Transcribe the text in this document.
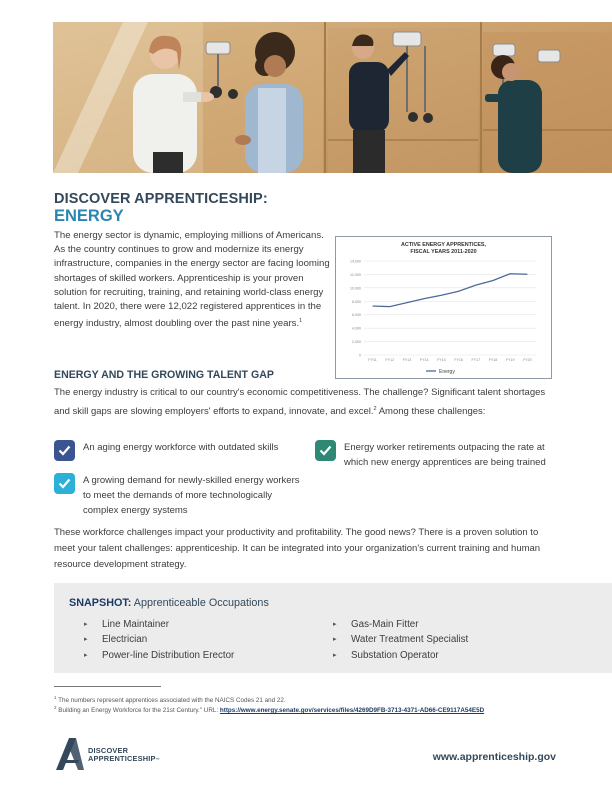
DISCOVER APPRENTICESHIP:
ENERGY
The energy sector is dynamic, employing millions of Americans. As the country continues to grow and modernize its energy infrastructure, companies in the energy sector are facing looming shortages of skilled workers. Apprenticeship is your proven solution for recruiting, training, and retaining world-class energy talent. In 2020, there were 12,022 registered apprentices in the energy industry, almost doubling over the past nine years.$^1$
ACTIVE ENERGY APPRENTICES,
FISCAL YEARS 2011-2020
0
2,000
4,000
6,000
8,000
10,000
12,000
14,000
FY11 FY12 FY13 FY14 FY15 FY16 FY17 FY18 FY19 FY20
Energy
ENERGY AND THE GROWING TALENT GAP
The energy industry is critical to our country's economic competitiveness. The challenge? Significant talent shortages and skill gaps are slowing employers' efforts to expand, innovate, and excel.$^2$ Among these challenges:
An aging energy workforce with outdated skills
A growing demand for newly-skilled energy workers to meet the demands of more technologically complex energy systems
Energy worker retirements outpacing the rate at which new energy apprentices are being trained
These workforce challenges impact your productivity and profitability. The good news? There is a proven solution to meet your talent challenges: apprenticeship. It can be integrated into your organization's current training and human resource development strategy.
SNAPSHOT: Apprenticeable Occupations
▸ Line Maintainer
▸ Electrician
▸ Power-line Distribution Erector
▸ Gas-Main Fitter
▸ Water Treatment Specialist
▸ Substation Operator
$^1$ The numbers represent apprentices associated with the NAICS Codes 21 and 22.
$^2$ Building an Energy Workforce for the 21st Century." URL: https://www.energy.senate.gov/services/files/4269D9FB-3713-4371-AD66-CE9117A54E5D
DISCOVER
APPRENTICESHIP™	www.apprenticeship.gov
